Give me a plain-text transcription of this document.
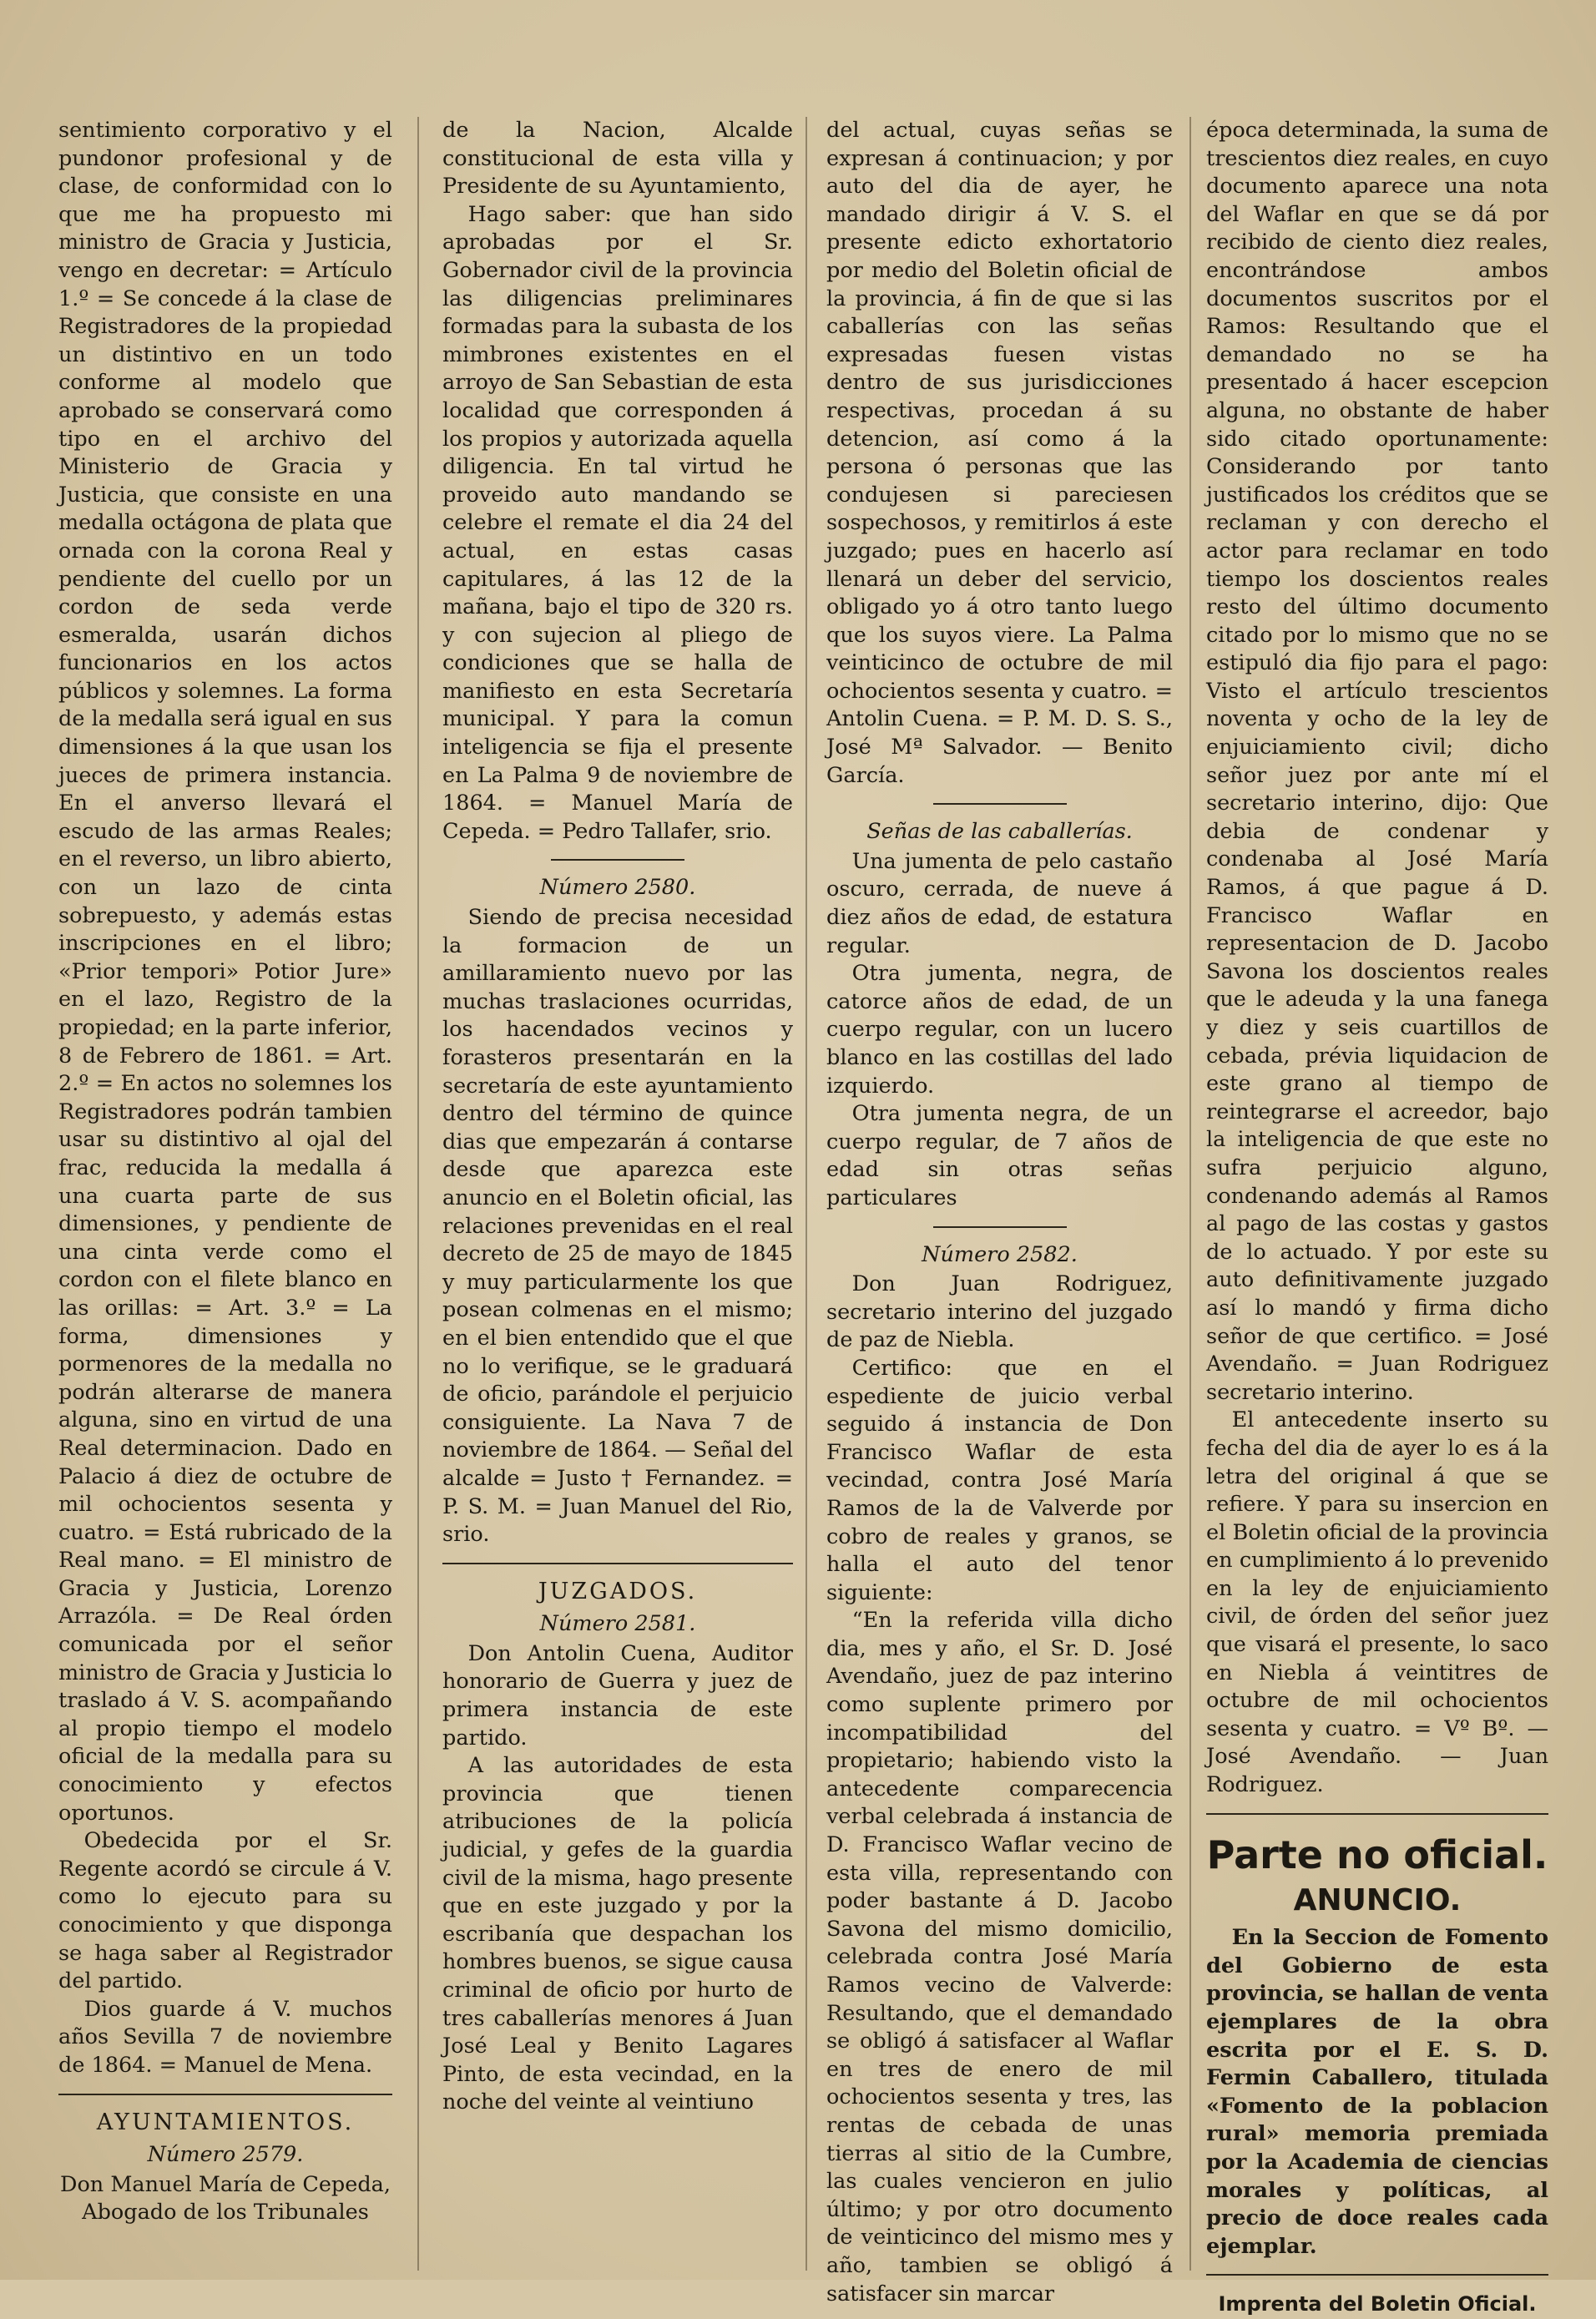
sentimiento corporativo y el pundonor profesional y de clase, de conformidad con lo que me ha propuesto mi ministro de Gracia y Justicia, vengo en decretar: = Artículo 1.º = Se concede á la clase de Registradores de la propiedad un distintivo en un todo conforme al modelo que aprobado se conservará como tipo en el archivo del Ministerio de Gracia y Justicia, que consiste en una medalla octágona de plata que ornada con la corona Real y pendiente del cuello por un cordon de seda verde esmeralda, usarán dichos funcionarios en los actos públicos y solemnes. La forma de la medalla será igual en sus dimensiones á la que usan los jueces de primera instancia. En el anverso llevará el escudo de las armas Reales; en el reverso, un libro abierto, con un lazo de cinta sobrepuesto, y además estas inscripciones en el libro; «Prior tempori» Potior Jure» en el lazo, Registro de la propiedad; en la parte inferior, 8 de Febrero de 1861. = Art. 2.º = En actos no solemnes los Registradores podrán tambien usar su distintivo al ojal del frac, reducida la medalla á una cuarta parte de sus dimensiones, y pendiente de una cinta verde como el cordon con el filete blanco en las orillas: = Art. 3.º = La forma, dimensiones y pormenores de la medalla no podrán alterarse de manera alguna, sino en virtud de una Real determinacion. Dado en Palacio á diez de octubre de mil ochocientos sesenta y cuatro. = Está rubricado de la Real mano. = El ministro de Gracia y Justicia, Lorenzo Arrazóla. = De Real órden comunicada por el señor ministro de Gracia y Justicia lo traslado á V. S. acompañando al propio tiempo el modelo oficial de la medalla para su conocimiento y efectos oportunos.

Obedecida por el Sr. Regente acordó se circule á V. como lo ejecuto para su conocimiento y que disponga se haga saber al Registrador del partido.

Dios guarde á V. muchos años Sevilla 7 de noviembre de 1864. = Manuel de Mena.

AYUNTAMIENTOS.
Número 2579.

Don Manuel María de Cepeda, Abogado de los Tribunales

de la Nacion, Alcalde constitucional de esta villa y Presidente de su Ayuntamiento,

Hago saber: que han sido aprobadas por el Sr. Gobernador civil de la provincia las diligencias preliminares formadas para la subasta de los mimbrones existentes en el arroyo de San Sebastian de esta localidad que corresponden á los propios y autorizada aquella diligencia. En tal virtud he proveido auto mandando se celebre el remate el dia 24 del actual, en estas casas capitulares, á las 12 de la mañana, bajo el tipo de 320 rs. y con sujecion al pliego de condiciones que se halla de manifiesto en esta Secretaría municipal. Y para la comun inteligencia se fija el presente en La Palma 9 de noviembre de 1864. = Manuel María de Cepeda. = Pedro Tallafer, srio.

Número 2580.

Siendo de precisa necesidad la formacion de un amillaramiento nuevo por las muchas traslaciones ocurridas, los hacendados vecinos y forasteros presentarán en la secretaría de este ayuntamiento dentro del término de quince dias que empezarán á contarse desde que aparezca este anuncio en el Boletin oficial, las relaciones prevenidas en el real decreto de 25 de mayo de 1845 y muy particularmente los que posean colmenas en el mismo; en el bien entendido que el que no lo verifique, se le graduará de oficio, parándole el perjuicio consiguiente. La Nava 7 de noviembre de 1864. — Señal del alcalde = Justo † Fernandez. = P. S. M. = Juan Manuel del Rio, srio.

JUZGADOS.
Número 2581.

Don Antolin Cuena, Auditor honorario de Guerra y juez de primera instancia de este partido.

A las autoridades de esta provincia que tienen atribuciones de la policía judicial, y gefes de la guardia civil de la misma, hago presente que en este juzgado y por la escribanía que despachan los hombres buenos, se sigue causa criminal de oficio por hurto de tres caballerías menores á Juan José Leal y Benito Lagares Pinto, de esta vecindad, en la noche del veinte al veintiuno

del actual, cuyas señas se expresan á continuacion; y por auto del dia de ayer, he mandado dirigir á V. S. el presente edicto exhortatorio por medio del Boletin oficial de la provincia, á fin de que si las caballerías con las señas expresadas fuesen vistas dentro de sus jurisdicciones respectivas, procedan á su detencion, así como á la persona ó personas que las condujesen si pareciesen sospechosos, y remitirlos á este juzgado; pues en hacerlo así llenará un deber del servicio, obligado yo á otro tanto luego que los suyos viere. La Palma veinticinco de octubre de mil ochocientos sesenta y cuatro. = Antolin Cuena. = P. M. D. S. S., José Mª Salvador. — Benito García.

Señas de las caballerías.

Una jumenta de pelo castaño oscuro, cerrada, de nueve á diez años de edad, de estatura regular.

Otra jumenta, negra, de catorce años de edad, de un cuerpo regular, con un lucero blanco en las costillas del lado izquierdo.

Otra jumenta negra, de un cuerpo regular, de 7 años de edad sin otras señas particulares

Número 2582.

Don Juan Rodriguez, secretario interino del juzgado de paz de Niebla.

Certifico: que en el espediente de juicio verbal seguido á instancia de Don Francisco Waflar de esta vecindad, contra José María Ramos de la de Valverde por cobro de reales y granos, se halla el auto del tenor siguiente:

“En la referida villa dicho dia, mes y año, el Sr. D. José Avendaño, juez de paz interino como suplente primero por incompatibilidad del propietario; habiendo visto la antecedente comparecencia verbal celebrada á instancia de D. Francisco Waflar vecino de esta villa, representando con poder bastante á D. Jacobo Savona del mismo domicilio, celebrada contra José María Ramos vecino de Valverde: Resultando, que el demandado se obligó á satisfacer al Waflar en tres de enero de mil ochocientos sesenta y tres, las rentas de cebada de unas tierras al sitio de la Cumbre, las cuales vencieron en julio último; y por otro documento de veinticinco del mismo mes y año, tambien se obligó á satisfacer sin marcar

época determinada, la suma de trescientos diez reales, en cuyo documento aparece una nota del Waflar en que se dá por recibido de ciento diez reales, encontrándose ambos documentos suscritos por el Ramos: Resultando que el demandado no se ha presentado á hacer escepcion alguna, no obstante de haber sido citado oportunamente: Considerando por tanto justificados los créditos que se reclaman y con derecho el actor para reclamar en todo tiempo los doscientos reales resto del último documento citado por lo mismo que no se estipuló dia fijo para el pago: Visto el artículo trescientos noventa y ocho de la ley de enjuiciamiento civil; dicho señor juez por ante mí el secretario interino, dijo: Que debia de condenar y condenaba al José María Ramos, á que pague á D. Francisco Waflar en representacion de D. Jacobo Savona los doscientos reales que le adeuda y la una fanega y diez y seis cuartillos de cebada, prévia liquidacion de este grano al tiempo de reintegrarse el acreedor, bajo la inteligencia de que este no sufra perjuicio alguno, condenando además al Ramos al pago de las costas y gastos de lo actuado. Y por este su auto definitivamente juzgado así lo mandó y firma dicho señor de que certifico. = José Avendaño. = Juan Rodriguez secretario interino.

El antecedente inserto su fecha del dia de ayer lo es á la letra del original á que se refiere. Y para su insercion en el Boletin oficial de la provincia en cumplimiento á lo prevenido en la ley de enjuiciamiento civil, de órden del señor juez que visará el presente, lo saco en Niebla á veintitres de octubre de mil ochocientos sesenta y cuatro. = Vº Bº. — José Avendaño. — Juan Rodriguez.

Parte no oficial.
ANUNCIO.

En la Seccion de Fomento del Gobierno de esta provincia, se hallan de venta ejemplares de la obra escrita por el E. S. D. Fermin Caballero, titulada «Fomento de la poblacion rural» memoria premiada por la Academia de ciencias morales y políticas, al precio de doce reales cada ejemplar.

Imprenta del Boletin Oficial.
